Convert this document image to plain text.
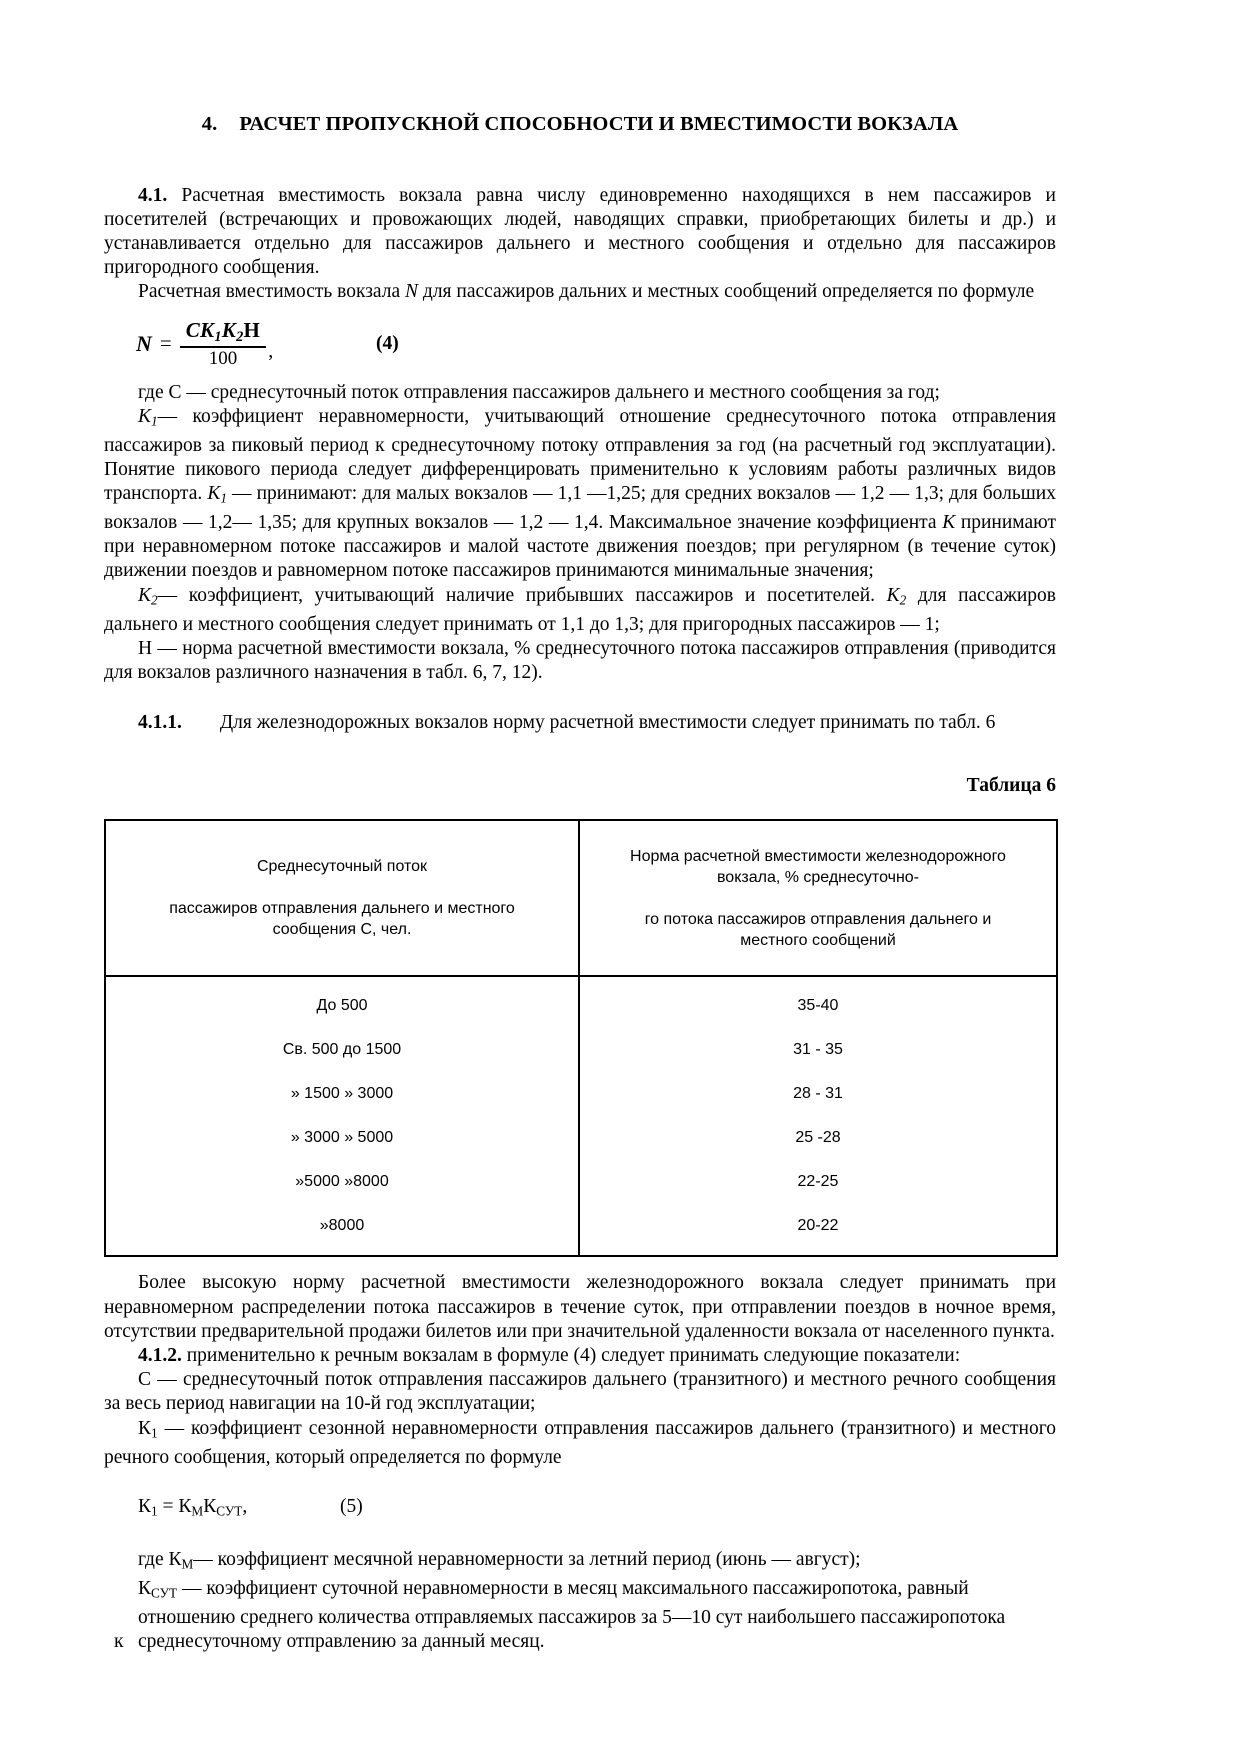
4. РАСЧЕТ ПРОПУСКНОЙ СПОСОБНОСТИ И ВМЕСТИМОСТИ ВОКЗАЛА

4.1. Расчетная вместимость вокзала равна числу единовременно находящихся в нем пассажиров и посетителей (встречающих и провожающих людей, наводящих справки, приобретающих билеты и др.) и устанавливается отдельно для пассажиров дальнего и местного сообщения и отдельно для пассажиров пригородного сообщения.

Расчетная вместимость вокзала N для пассажиров дальних и местных сообщений определяется по формуле

$N = \frac{CK_1K_2H}{100}$ ,	(4)

где С — среднесуточный поток отправления пассажиров дальнего и местного сообщения за год;

$K_1—$ коэффициент неравномерности, учитывающий отношение среднесуточного потока отправления пассажиров за пиковый период к среднесуточному потоку отправления за год (на расчетный год эксплуатации). Понятие пикового периода следует дифференцировать применительно к условиям работы различных видов транспорта. $K_1$ — принимают: для малых вокзалов — 1,1 —1,25; для средних вокзалов — 1,2 — 1,3; для больших вокзалов — 1,2— 1,35; для крупных вокзалов — 1,2 — 1,4. Максимальное значение коэффициента K принимают при неравномерном потоке пассажиров и малой частоте движения поездов; при регулярном (в течение суток) движении поездов и равномерном потоке пассажиров принимаются минимальные значения;

$K_2—$ коэффициент, учитывающий наличие прибывших пассажиров и посетителей. $K_2$ для пассажиров дальнего и местного сообщения следует принимать от 1,1 до 1,3; для пригородных пассажиров — 1;

Н — норма расчетной вместимости вокзала, % среднесуточного потока пассажиров отправления (приводится для вокзалов различного назначения в табл. 6, 7, 12).

4.1.1. Для железнодорожных вокзалов норму расчетной вместимости следует принимать по табл. 6

Таблица 6

Среднесуточный поток
пассажиров отправления дальнего и местного
сообщения С, чел.	Норма расчетной вместимости железнодорожного
вокзала, % среднесуточно-
го потока пассажиров отправления дальнего и
местного сообщений

До 500	35-40
Св. 500 до 1500	31 - 35
» 1500 » 3000	28 - 31
» 3000 » 5000	25 -28
»5000 »8000	22-25
»8000	20-22

Более высокую норму расчетной вместимости железнодорожного вокзала следует принимать при неравномерном распределении потока пассажиров в течение суток, при отправлении поездов в ночное время, отсутствии предварительной продажи билетов или при значительной удаленности вокзала от населенного пункта.

4.1.2. применительно к речным вокзалам в формуле (4) следует принимать следующие показатели:

С — среднесуточный поток отправления пассажиров дальнего (транзитного) и местного речного сообщения за весь период навигации на 10-й год эксплуатации;

$К_1$ — коэффициент сезонной неравномерности отправления пассажиров дальнего (транзитного) и местного речного сообщения, который определяется по формуле

$К_1 = К_МК_{СУТ}$,	(5)

где $К_М—$ коэффициент месячной неравномерности за летний период (июнь — август);

$К_{СУТ}$ — коэффициент суточной неравномерности в месяц максимального пассажиропотока, равный

отношению среднего количества отправляемых пассажиров за 5—10 сут наибольшего пассажиропотока

к среднесуточному отправлению за данный месяц.
